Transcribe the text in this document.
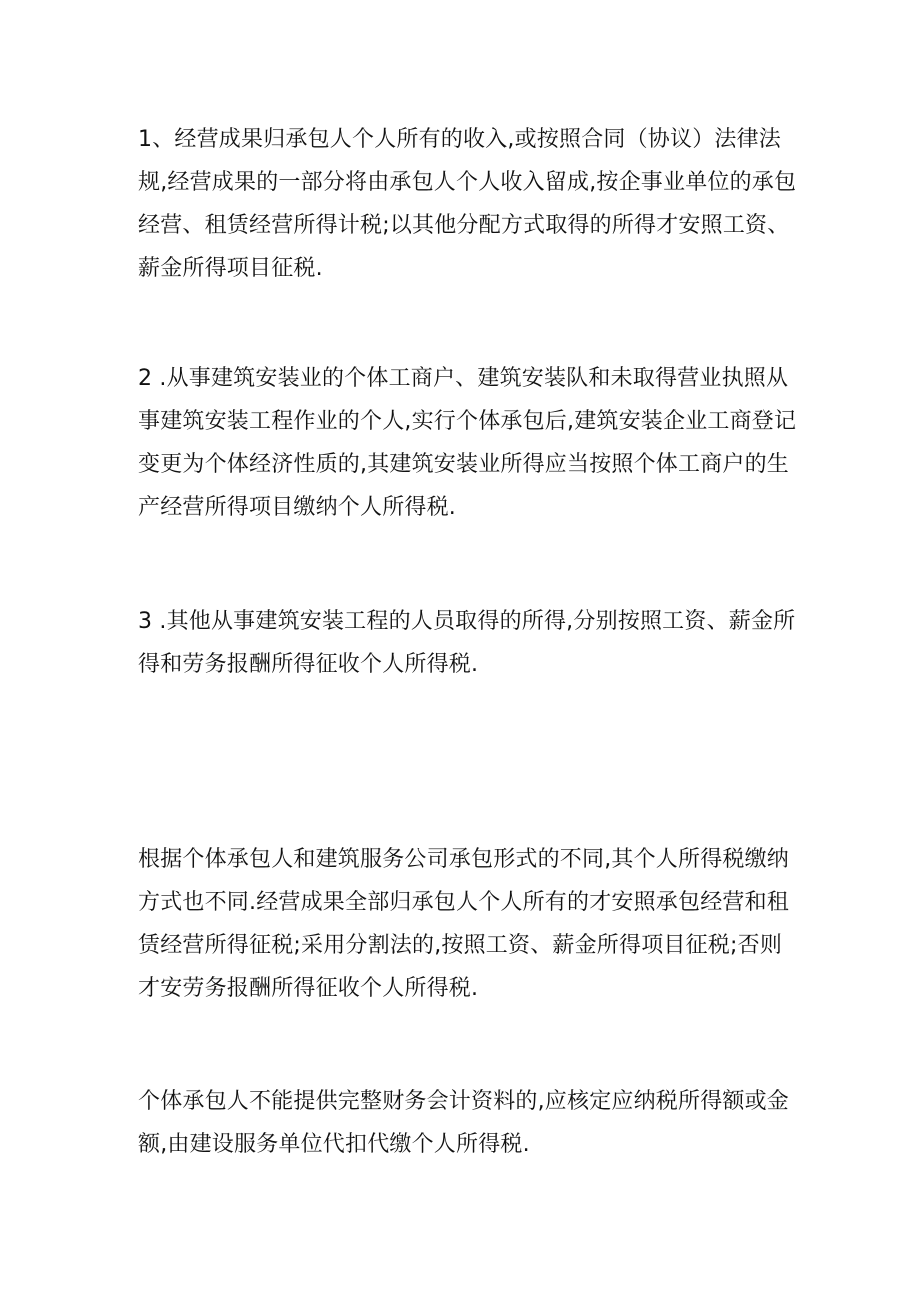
1、经营成果归承包人个人所有的收入,或按照合同（协议）法律法规,经营成果的一部分将由承包人个人收入留成,按企事业单位的承包经营、租赁经营所得计税;以其他分配方式取得的所得才安照工资、薪金所得项目征税.

2 .从事建筑安装业的个体工商户、建筑安装队和未取得营业执照从事建筑安装工程作业的个人,实行个体承包后,建筑安装企业工商登记变更为个体经济性质的,其建筑安装业所得应当按照个体工商户的生产经营所得项目缴纳个人所得税.

3 .其他从事建筑安装工程的人员取得的所得,分别按照工资、薪金所得和劳务报酬所得征收个人所得税.

根据个体承包人和建筑服务公司承包形式的不同,其个人所得税缴纳方式也不同.经营成果全部归承包人个人所有的才安照承包经营和租赁经营所得征税;采用分割法的,按照工资、薪金所得项目征税;否则才安劳务报酬所得征收个人所得税.

个体承包人不能提供完整财务会计资料的,应核定应纳税所得额或金额,由建设服务单位代扣代缴个人所得税.
